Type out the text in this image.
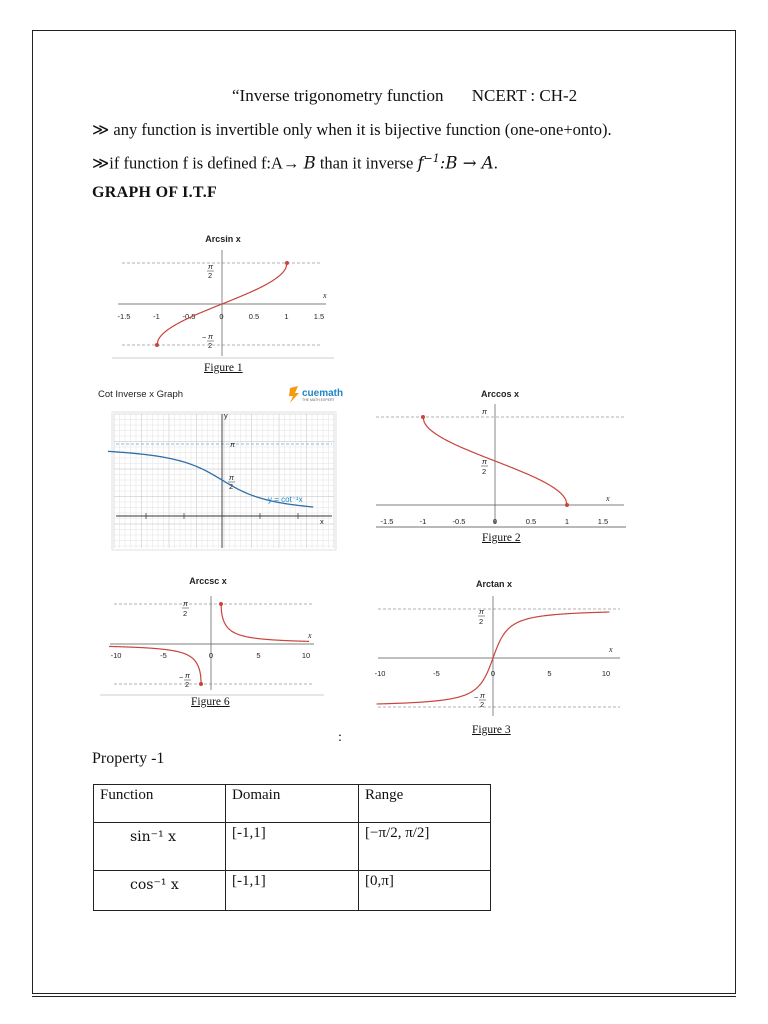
“Inverse trigonometry function NCERT : CH-2
≫ any function is invertible only when it is bijective function (one-one+onto).
≫if function f is defined f:A→ B than it inverse $f^{-1}:B \to A$.
GRAPH OF I.T.F
Arcsin x
π
2
− π
2
x
-1.5	-1	-0.5	0	0.5	1	1.5
Figure 1
Cot Inverse x Graph	cuemath
THE MATH EXPERT
y
x
π
π
2
y = cot⁻¹x
Arccos x
π
π
2
x
-1.5	-1	-0.5	0.5	1	1.5
Figure 2
Arccsc x
π
2
− π
2
x
-10	-5	0	5	10
Figure 6
Arctan x
π
2
− π
2
x
-10	-5	0	5	10
Figure 3
:
Property -1
Function	Domain	Range

sin⁻¹ x	[-1,1]	[−π/2, π/2]

cos⁻¹ x	[-1,1]	[0,π]
